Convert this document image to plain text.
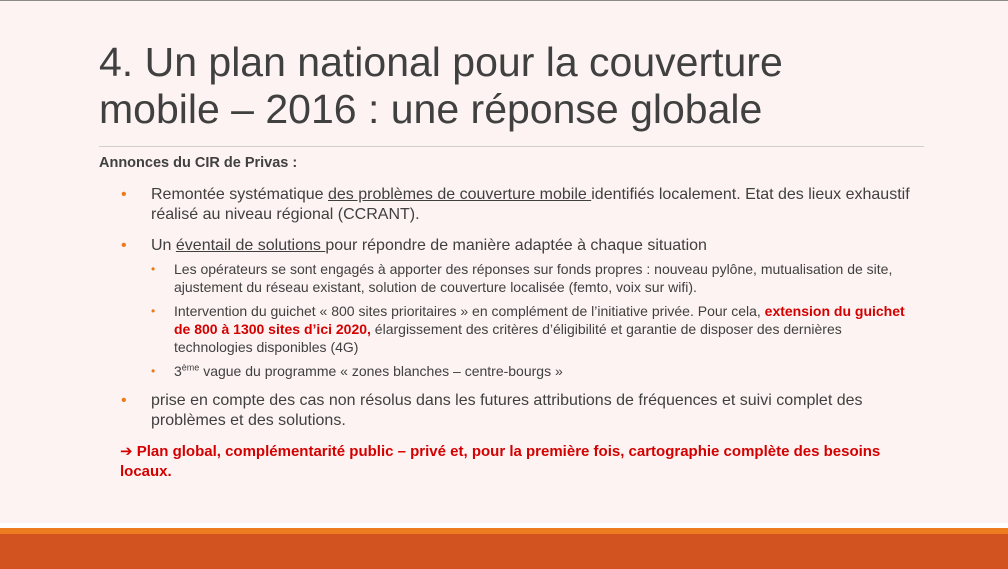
4. Un plan national pour la couverture
mobile – 2016 : une réponse globale
Annonces du CIR de Privas :
• Remontée systématique des problèmes de couverture mobile identifiés localement. Etat des lieux exhaustif réalisé au niveau régional (CCRANT).
• Un éventail de solutions pour répondre de manière adaptée à chaque situation
• Les opérateurs se sont engagés à apporter des réponses sur fonds propres : nouveau pylône, mutualisation de site, ajustement du réseau existant, solution de couverture localisée (femto, voix sur wifi).
• Intervention du guichet « 800 sites prioritaires » en complément de l’initiative privée. Pour cela, extension du guichet de 800 à 1300 sites d’ici 2020, élargissement des critères d’éligibilité et garantie de disposer des dernières technologies disponibles (4G)
• 3ème vague du programme « zones blanches – centre-bourgs »
• prise en compte des cas non résolus dans les futures attributions de fréquences et suivi complet des problèmes et des solutions.
➔ Plan global, complémentarité public – privé et, pour la première fois, cartographie complète des besoins locaux.
